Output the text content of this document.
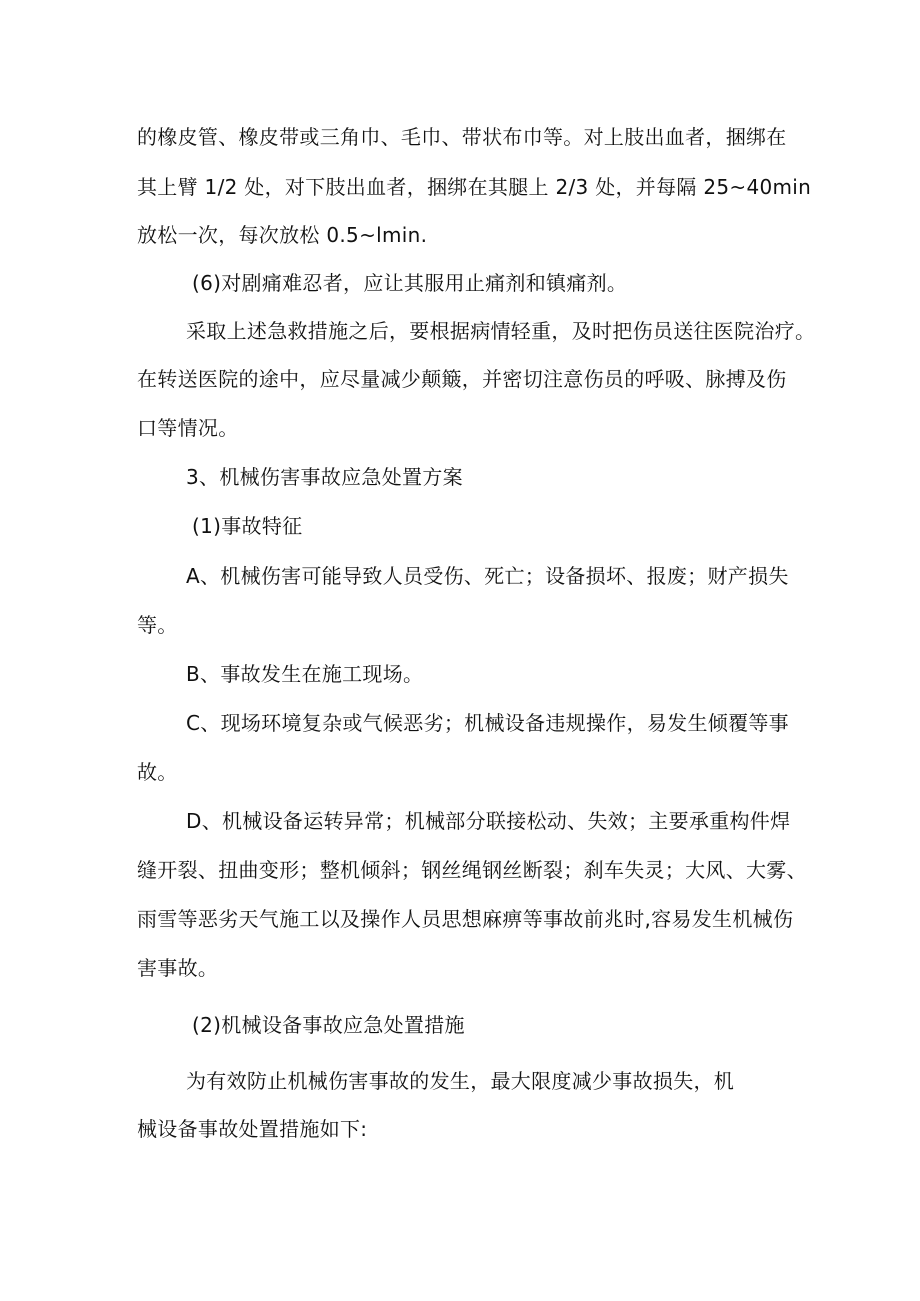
的橡皮管、橡皮带或三角巾、毛巾、带状布巾等。对上肢出血者，捆绑在
其上臂 1/2 处，对下肢出血者，捆绑在其腿上 2/3 处，并每隔 25~40min
放松一次，每次放松 0.5~lmin.
(6)对剧痛难忍者，应让其服用止痛剂和镇痛剂。
采取上述急救措施之后，要根据病情轻重，及时把伤员送往医院治疗。
在转送医院的途中，应尽量减少颠簸，并密切注意伤员的呼吸、脉搏及伤
口等情况。
3、机械伤害事故应急处置方案
(1)事故特征
A、机械伤害可能导致人员受伤、死亡；设备损坏、报废；财产损失
等。
B、事故发生在施工现场。
C、现场环境复杂或气候恶劣；机械设备违规操作，易发生倾覆等事
故。
D、机械设备运转异常；机械部分联接松动、失效；主要承重构件焊
缝开裂、扭曲变形；整机倾斜；钢丝绳钢丝断裂；刹车失灵；大风、大雾、
雨雪等恶劣天气施工以及操作人员思想麻痹等事故前兆时,容易发生机械伤
害事故。
(2)机械设备事故应急处置措施
为有效防止机械伤害事故的发生，最大限度减少事故损失，机
械设备事故处置措施如下:
